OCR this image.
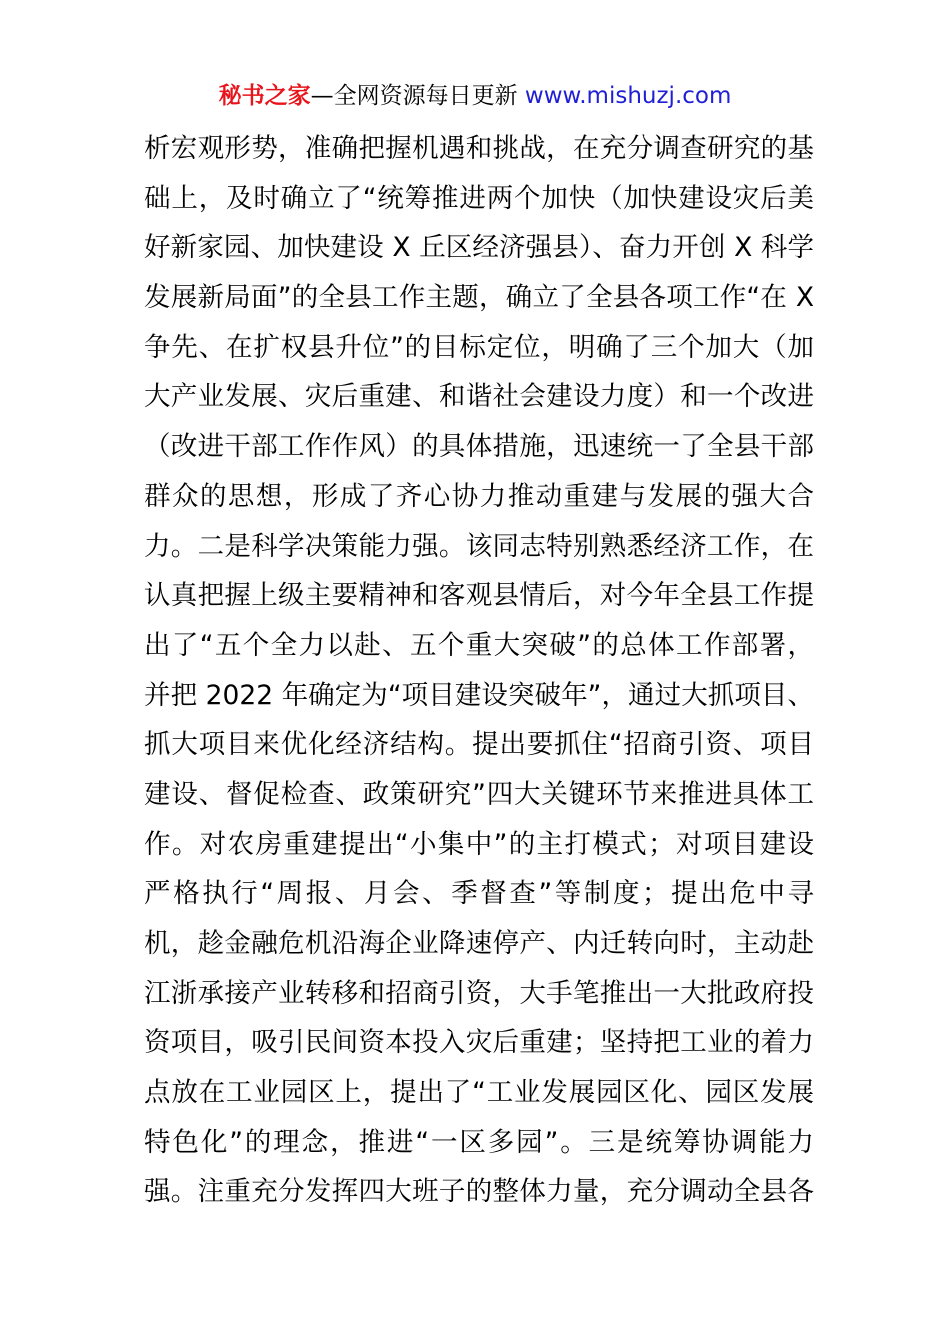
秘书之家—全网资源每日更新 www.mishuzj.com
析宏观形势，准确把握机遇和挑战，在充分调查研究的基
础上，及时确立了“统筹推进两个加快（加快建设灾后美
好新家园、加快建设 X 丘区经济强县）、奋力开创 X 科学
发展新局面”的全县工作主题，确立了全县各项工作“在 X
争先、在扩权县升位”的目标定位，明确了三个加大（加
大产业发展、灾后重建、和谐社会建设力度）和一个改进
（改进干部工作作风）的具体措施，迅速统一了全县干部
群众的思想，形成了齐心协力推动重建与发展的强大合
力。二是科学决策能力强。该同志特别熟悉经济工作，在
认真把握上级主要精神和客观县情后，对今年全县工作提
出了“五个全力以赴、五个重大突破”的总体工作部署，
并把 2022 年确定为“项目建设突破年”，通过大抓项目、
抓大项目来优化经济结构。提出要抓住“招商引资、项目
建设、督促检查、政策研究”四大关键环节来推进具体工
作。对农房重建提出“小集中”的主打模式；对项目建设
严格执行“周报、月会、季督查”等制度；提出危中寻
机，趁金融危机沿海企业降速停产、内迁转向时，主动赴
江浙承接产业转移和招商引资，大手笔推出一大批政府投
资项目，吸引民间资本投入灾后重建；坚持把工业的着力
点放在工业园区上，提出了“工业发展园区化、园区发展
特色化”的理念，推进“一区多园”。三是统筹协调能力
强。注重充分发挥四大班子的整体力量，充分调动全县各
